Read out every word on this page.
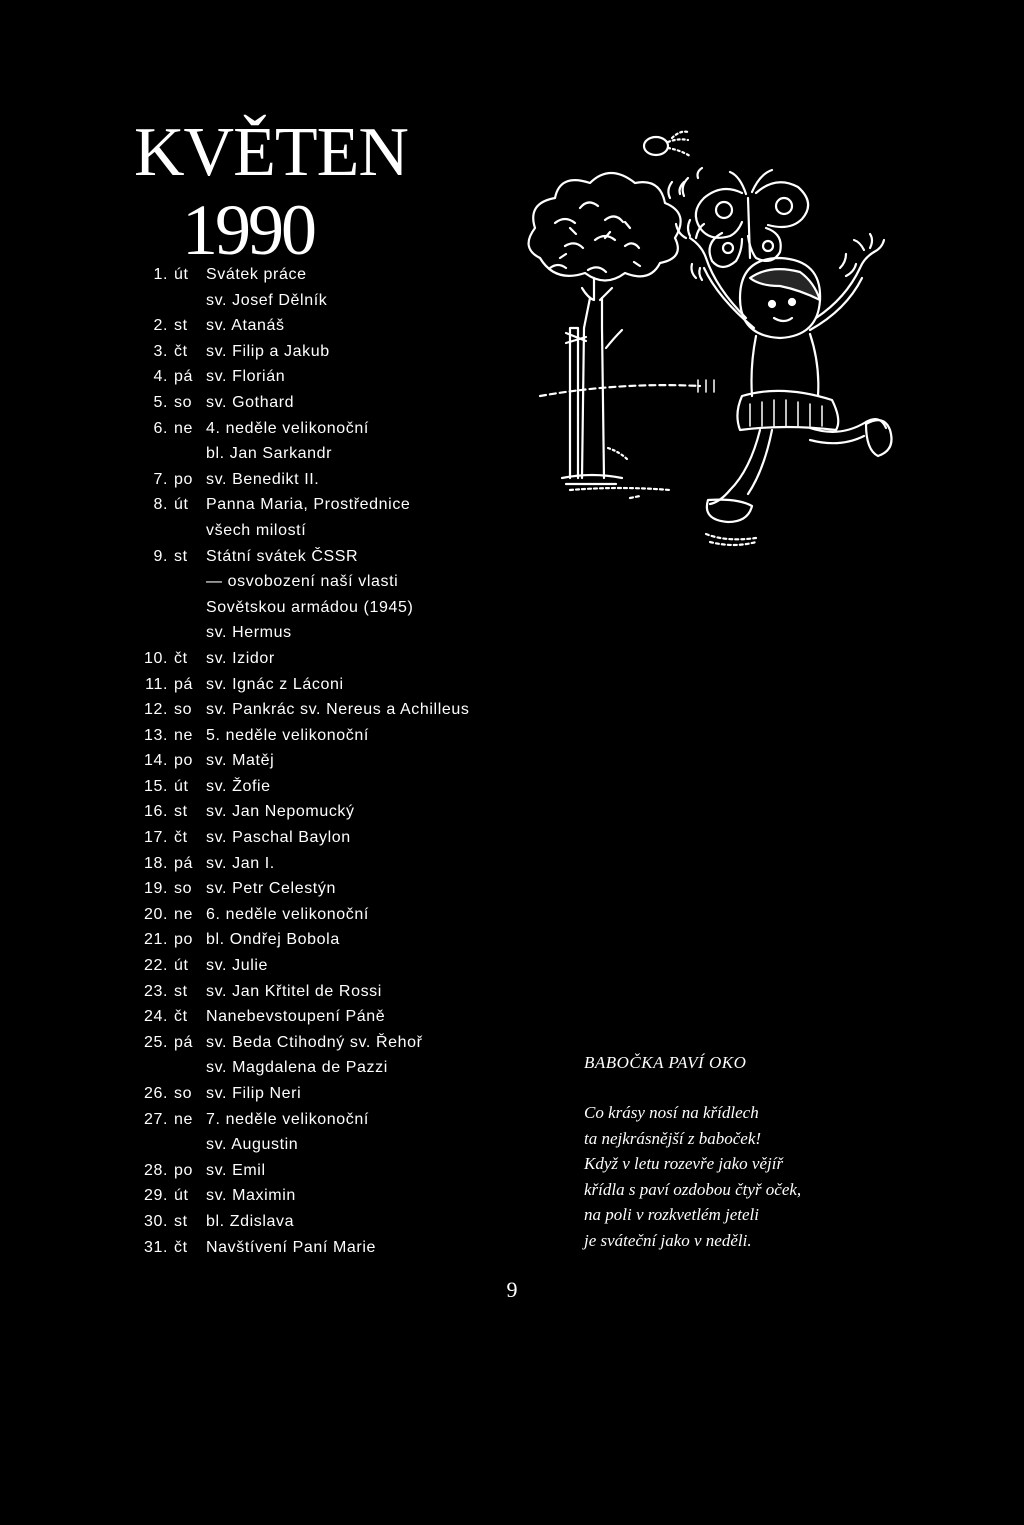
KVĚTEN
1990
1. út	Svátek práce
sv. Josef Dělník
2. st	sv. Atanáš
3. čt	sv. Filip a Jakub
4. pá sv. Florián
5. so sv. Gothard
6. ne 4. neděle velikonoční
bl. Jan Sarkandr
7. po sv. Benedikt II.
8. út	Panna Maria, Prostřednice
všech milostí
9. st	Státní svátek ČSSR
— osvobození naší vlasti
Sovětskou armádou (1945)
sv. Hermus
10. čt	sv. Izidor
11. pá sv. Ignác z Láconi
12. so sv. Pankrác sv. Nereus a Achilleus
13. ne 5. neděle velikonoční
14. po sv. Matěj
15. út	sv. Žofie
16. st	sv. Jan Nepomucký
17. čt	sv. Paschal Baylon
18. pá sv. Jan I.
19. so sv. Petr Celestýn
20. ne 6. neděle velikonoční
21. po bl. Ondřej Bobola
22. út	sv. Julie
23. st	sv. Jan Křtitel de Rossi
24. čt	Nanebevstoupení Páně
25. pá sv. Beda Ctihodný sv. Řehoř
sv. Magdalena de Pazzi
26. so sv. Filip Neri
27. ne 7. neděle velikonoční
sv. Augustin
28. po sv. Emil
29. út	sv. Maximin
30. st	bl. Zdislava
31. čt	Navštívení Paní Marie
BABOČKA PAVÍ OKO
Co krásy nosí na křídlech
ta nejkrásnější z baboček!
Když v letu rozevře jako vějíř
křídla s paví ozdobou čtyř oček,
na poli v rozkvetlém jeteli
je sváteční jako v neděli.
9
